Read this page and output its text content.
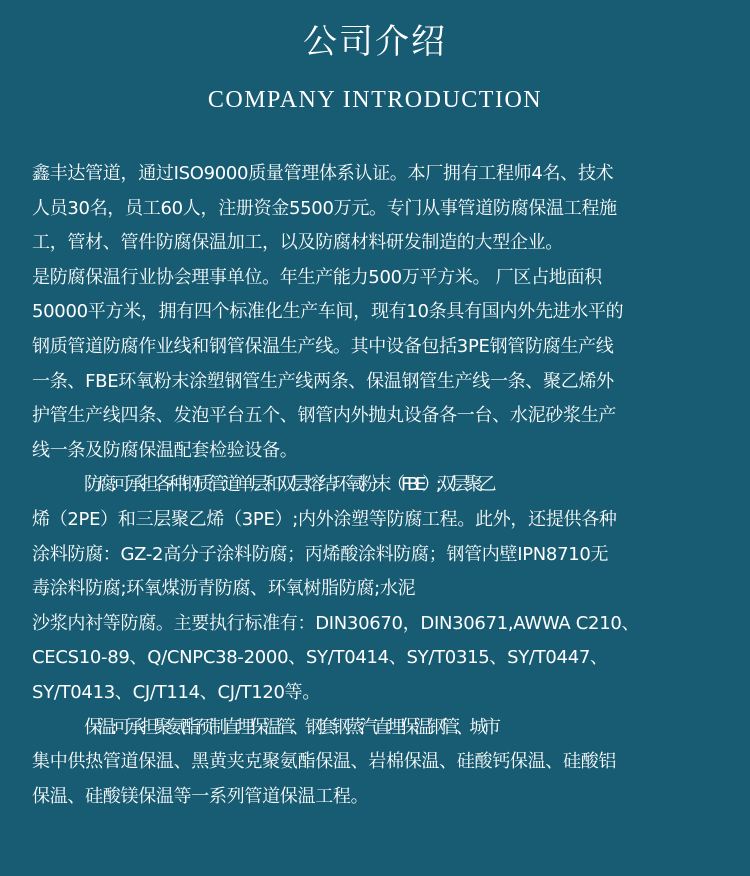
公司介绍
COMPANY INTRODUCTION
鑫丰达管道，通过ISO9000质量管理体系认证。本厂拥有工程师4名、技术
人员30名，员工60人，注册资金5500万元。专门从事管道防腐保温工程施
工，管材、管件防腐保温加工，以及防腐材料研发制造的大型企业。
是防腐保温行业协会理事单位。年生产能力500万平方米。 厂区占地面积
50000平方米，拥有四个标准化生产车间，现有10条具有国内外先进水平的
钢质管道防腐作业线和钢管保温生产线。其中设备包括3PE钢管防腐生产线
一条、FBE环氧粉末涂塑钢管生产线两条、保温钢管生产线一条、聚乙烯外
护管生产线四条、发泡平台五个、钢管内外抛丸设备各一台、水泥砂浆生产
线一条及防腐保温配套检验设备。
防腐:可承担各种钢质管道单层和双层熔结环氧粉末（FBE）;双层聚乙
烯（2PE）和三层聚乙烯（3PE）;内外涂塑等防腐工程。此外，还提供各种
涂料防腐：GZ-2高分子涂料防腐；丙烯酸涂料防腐；钢管内壁IPN8710无
毒涂料防腐;环氧煤沥青防腐、环氧树脂防腐;水泥
沙浆内衬等防腐。主要执行标准有：DIN30670，DIN30671,AWWA C210、
CECS10-89、Q/CNPC38-2000、SY/T0414、SY/T0315、SY/T0447、
SY/T0413、CJ/T114、CJ/T120等。
保温:可承担聚氨酯预制直埋保温管、钢套钢蒸汽直埋保温钢管、城市
集中供热管道保温、黑黄夹克聚氨酯保温、岩棉保温、硅酸钙保温、硅酸铝
保温、硅酸镁保温等一系列管道保温工程。
